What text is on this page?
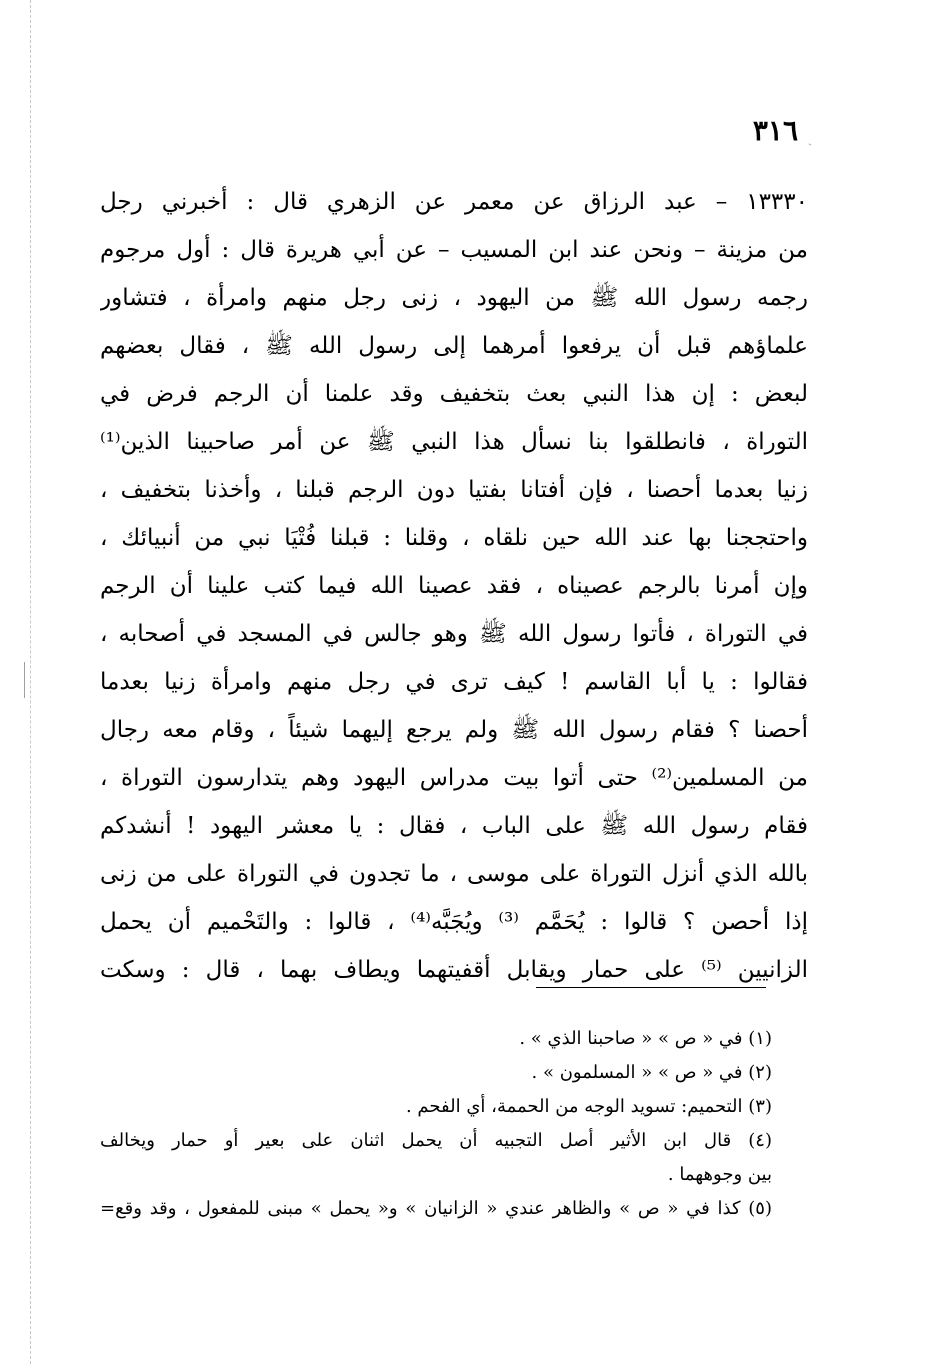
٣١٦ ˏ
١٣٣٣٠ – عبد الرزاق عن معمر عن الزهري قال : أخبرني رجل
من مزينة – ونحن عند ابن المسيب – عن أبي هريرة قال : أول مرجوم
رجمه رسول الله ﷺ من اليهود ، زنى رجل منهم وامرأة ، فتشاور
علماؤهم قبل أن يرفعوا أمرهما إلى رسول الله ﷺ ، فقال بعضهم
لبعض : إن هذا النبي بعث بتخفيف وقد علمنا أن الرجم فرض في
التوراة ، فانطلقوا بنا نسأل هذا النبي ﷺ عن أمر صاحبينا الذين⁽¹⁾
زنيا بعدما أحصنا ، فإن أفتانا بفتيا دون الرجم قبلنا ، وأخذنا بتخفيف ،
واحتججنا بها عند الله حين نلقاه ، وقلنا : قبلنا فُتْيَا نبي من أنبيائك ،
وإن أمرنا بالرجم عصيناه ، فقد عصينا الله فيما كتب علينا أن الرجم
في التوراة ، فأتوا رسول الله ﷺ وهو جالس في المسجد في أصحابه ،
فقالوا : يا أبا القاسم ! كيف ترى في رجل منهم وامرأة زنيا بعدما
أحصنا ؟ فقام رسول الله ﷺ ولم يرجع إليهما شيئاً ، وقام معه رجال
من المسلمين⁽²⁾ حتى أتوا بيت مدراس اليهود وهم يتدارسون التوراة ،
فقام رسول الله ﷺ على الباب ، فقال : يا معشر اليهود ! أنشدكم
بالله الذي أنزل التوراة على موسى ، ما تجدون في التوراة على من زنى
إذا أحصن ؟ قالوا : يُحَمَّم ⁽³⁾ ويُجَبَّه⁽⁴⁾ ، قالوا : والتَحْميم أن يحمل
الزانيين ⁽⁵⁾ على حمار ويقابل أقفيتهما ويطاف بهما ، قال : وسكت
(١) في « ص » « صاحبنا الذي » .
(٢) في « ص » « المسلمون » .
(٣) التحميم: تسويد الوجه من الحممة، أي الفحم .
(٤) قال ابن الأثير أصل التجبيه أن يحمل اثنان على بعير أو حمار ويخالف
بين وجوههما .
(٥) كذا في « ص » والظاهر عندي « الزانيان » و« يحمل » مبنى للمفعول ، وقد وقع=
